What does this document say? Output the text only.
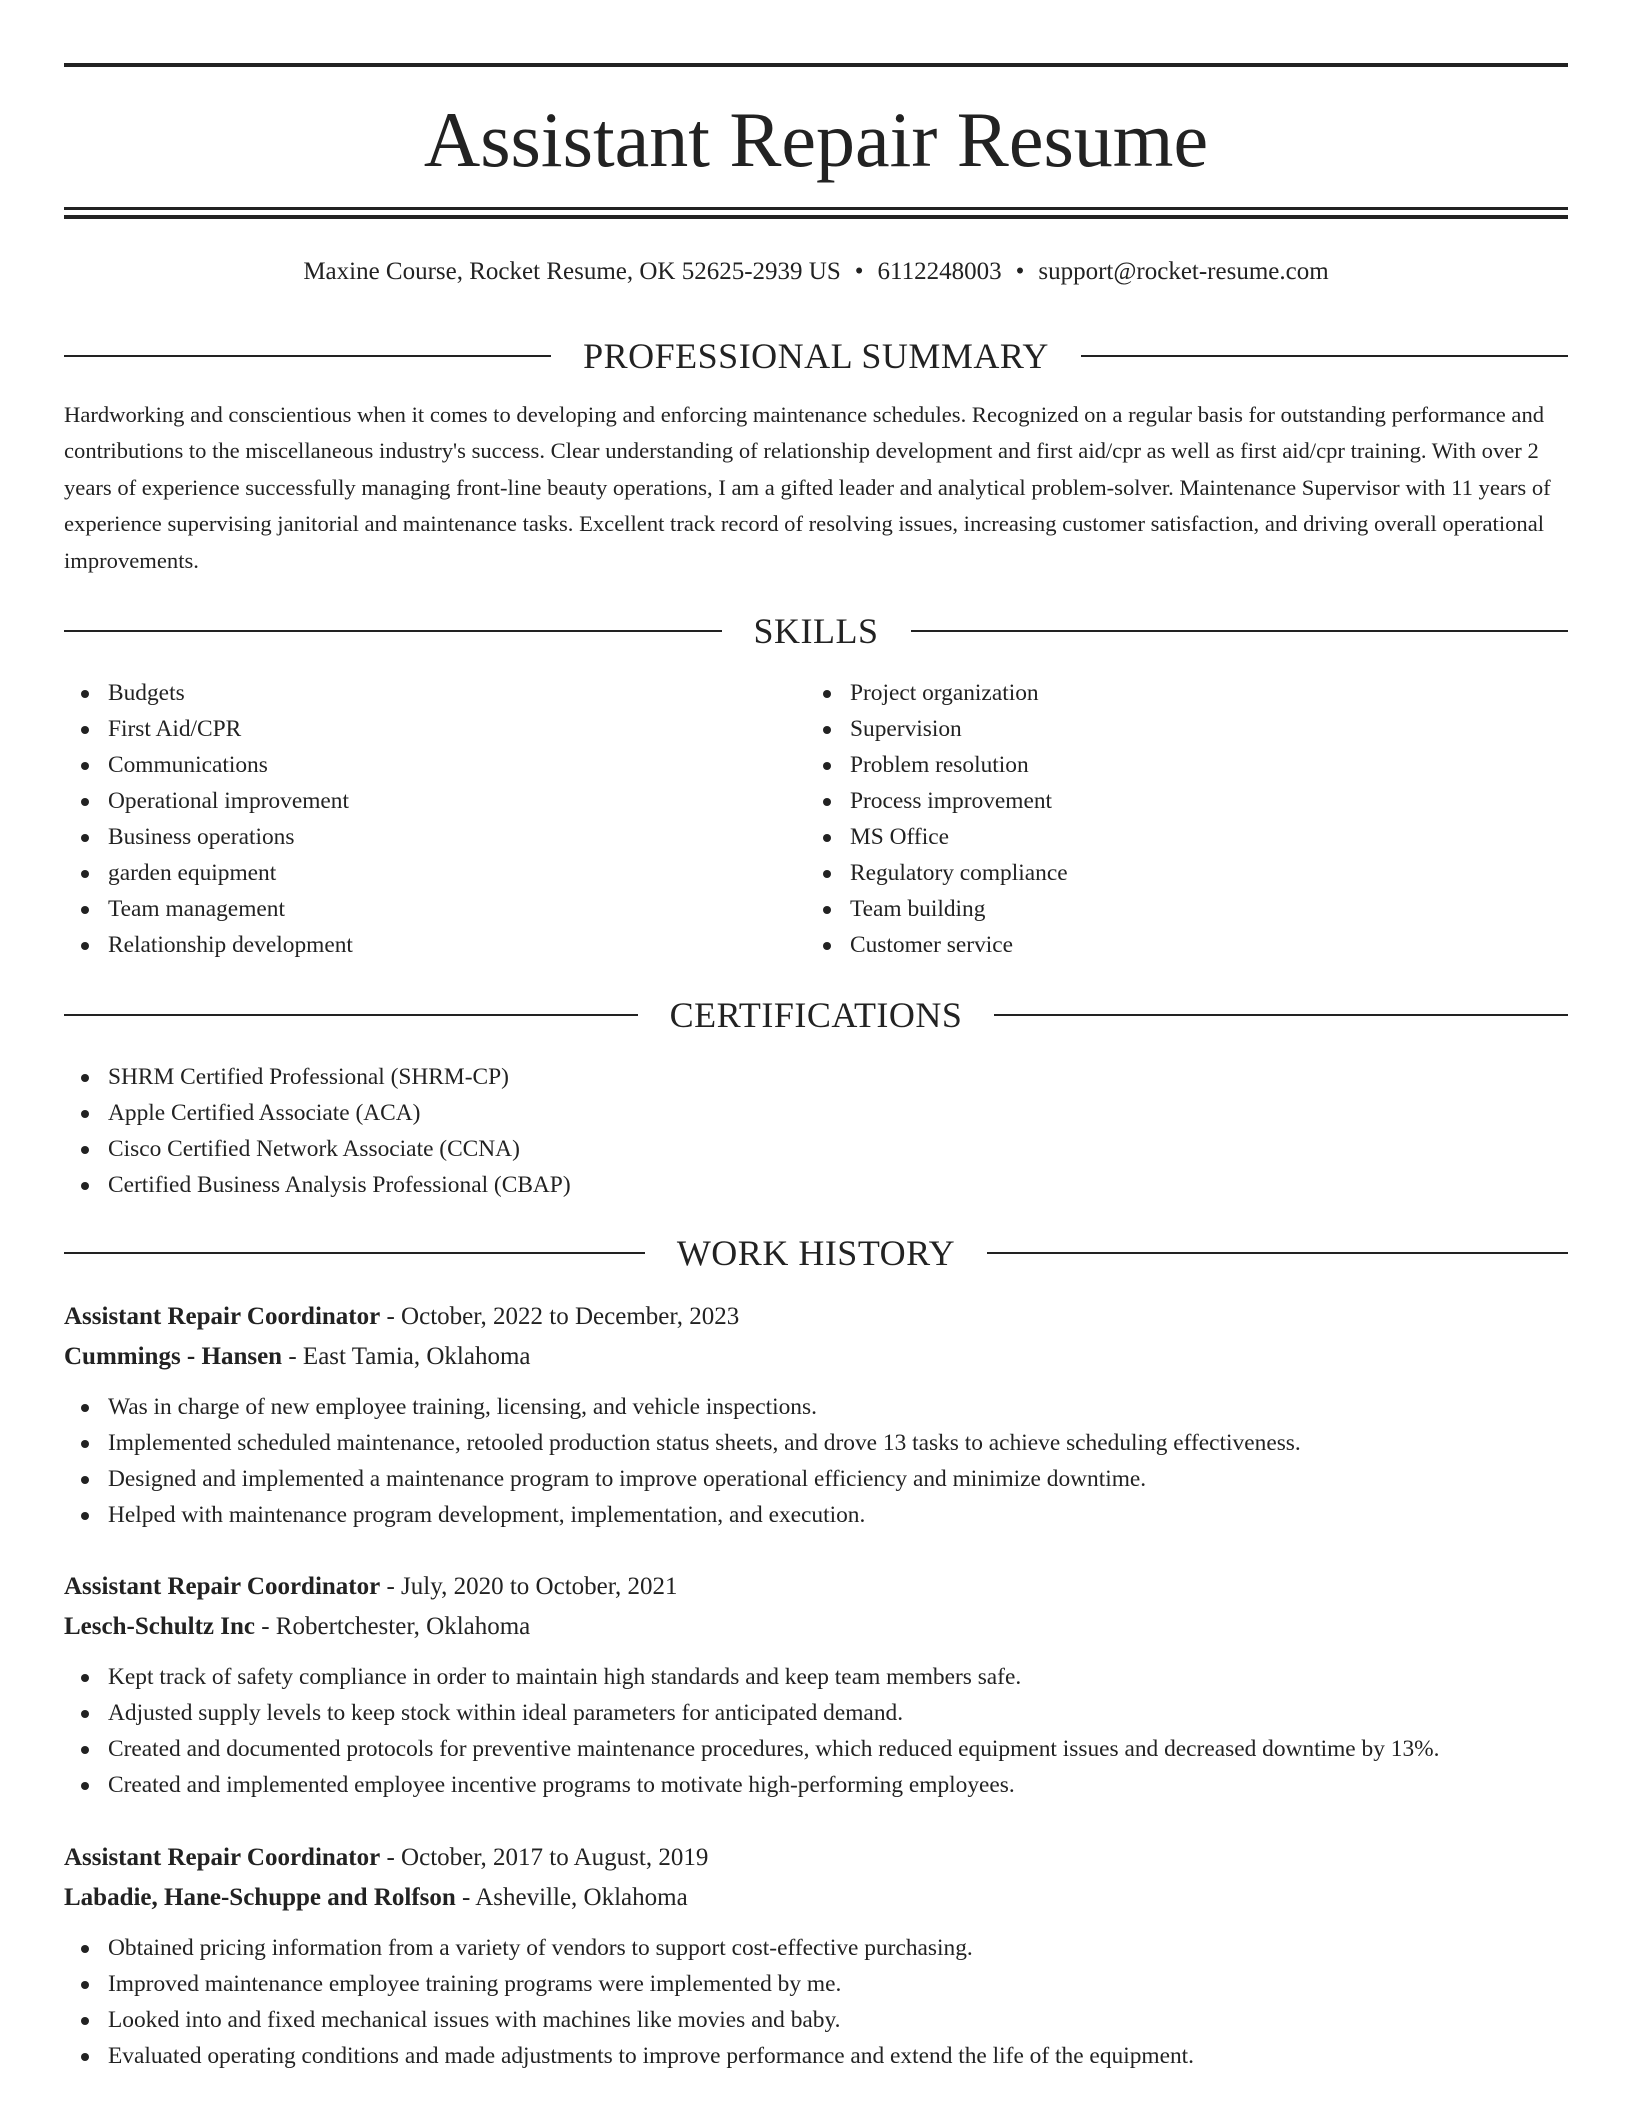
Assistant Repair Resume
Maxine Course, Rocket Resume, OK 52625-2939 US • 6112248003 • support@rocket-resume.com
PROFESSIONAL SUMMARY

Hardworking and conscientious when it comes to developing and enforcing maintenance schedules. Recognized on a regular basis for outstanding performance and contributions to the miscellaneous industry's success. Clear understanding of relationship development and first aid/cpr as well as first aid/cpr training. With over 2 years of experience successfully managing front-line beauty operations, I am a gifted leader and analytical problem-solver. Maintenance Supervisor with 11 years of experience supervising janitorial and maintenance tasks. Excellent track record of resolving issues, increasing customer satisfaction, and driving overall operational improvements.

SKILLS
Budgets
First Aid/CPR
Communications
Operational improvement
Business operations
garden equipment
Team management
Relationship development
Project organization
Supervision
Problem resolution
Process improvement
MS Office
Regulatory compliance
Team building
Customer service
CERTIFICATIONS
SHRM Certified Professional (SHRM-CP)
Apple Certified Associate (ACA)
Cisco Certified Network Associate (CCNA)
Certified Business Analysis Professional (CBAP)
WORK HISTORY
Assistant Repair Coordinator - October, 2022 to December, 2023
Cummings - Hansen - East Tamia, Oklahoma
Was in charge of new employee training, licensing, and vehicle inspections.
Implemented scheduled maintenance, retooled production status sheets, and drove 13 tasks to achieve scheduling effectiveness.
Designed and implemented a maintenance program to improve operational efficiency and minimize downtime.
Helped with maintenance program development, implementation, and execution.
Assistant Repair Coordinator - July, 2020 to October, 2021
Lesch-Schultz Inc - Robertchester, Oklahoma
Kept track of safety compliance in order to maintain high standards and keep team members safe.
Adjusted supply levels to keep stock within ideal parameters for anticipated demand.
Created and documented protocols for preventive maintenance procedures, which reduced equipment issues and decreased downtime by 13%.
Created and implemented employee incentive programs to motivate high-performing employees.
Assistant Repair Coordinator - October, 2017 to August, 2019
Labadie, Hane-Schuppe and Rolfson - Asheville, Oklahoma
Obtained pricing information from a variety of vendors to support cost-effective purchasing.
Improved maintenance employee training programs were implemented by me.
Looked into and fixed mechanical issues with machines like movies and baby.
Evaluated operating conditions and made adjustments to improve performance and extend the life of the equipment.
